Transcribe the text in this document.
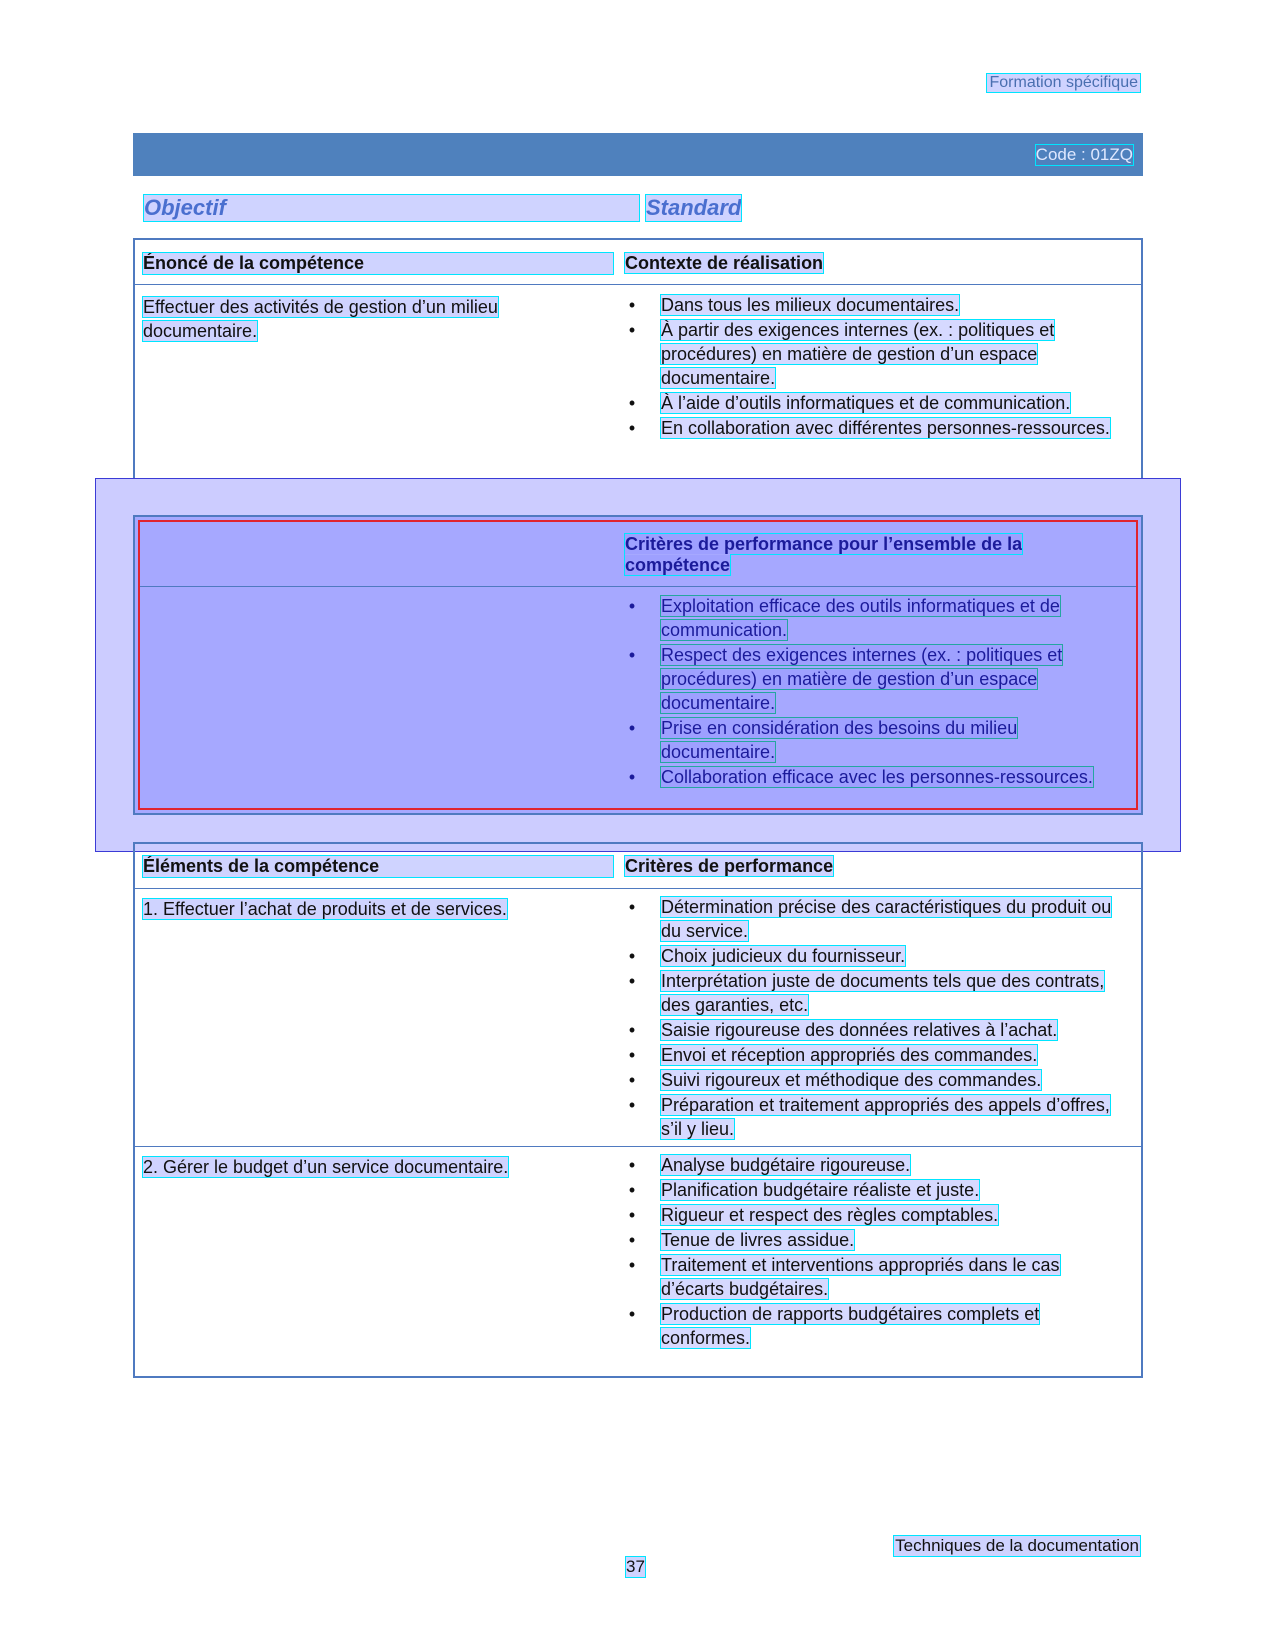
Formation spécifique
Code : 01ZQ
Objectif	Standard
Énoncé de la compétence	Contexte de réalisation
Effectuer des activités de gestion d’un milieu documentaire.
• Dans tous les milieux documentaires.
• À partir des exigences internes (ex. : politiques et procédures) en matière de gestion d’un espace documentaire.
• À l’aide d’outils informatiques et de communication.
• En collaboration avec différentes personnes-ressources.
Critères de performance pour l’ensemble de la compétence
• Exploitation efficace des outils informatiques et de communication.
• Respect des exigences internes (ex. : politiques et procédures) en matière de gestion d’un espace documentaire.
• Prise en considération des besoins du milieu documentaire.
• Collaboration efficace avec les personnes-ressources.
Éléments de la compétence	Critères de performance
1. Effectuer l’achat de produits et de services.	• Détermination précise des caractéristiques du produit ou du service.
• Choix judicieux du fournisseur.
• Interprétation juste de documents tels que des contrats, des garanties, etc.
• Saisie rigoureuse des données relatives à l’achat.
• Envoi et réception appropriés des commandes.
• Suivi rigoureux et méthodique des commandes.
• Préparation et traitement appropriés des appels d’offres, s’il y lieu.
2. Gérer le budget d’un service documentaire.	• Analyse budgétaire rigoureuse.
• Planification budgétaire réaliste et juste.
• Rigueur et respect des règles comptables.
• Tenue de livres assidue.
• Traitement et interventions appropriés dans le cas d’écarts budgétaires.
• Production de rapports budgétaires complets et conformes.
Techniques de la documentation
37
